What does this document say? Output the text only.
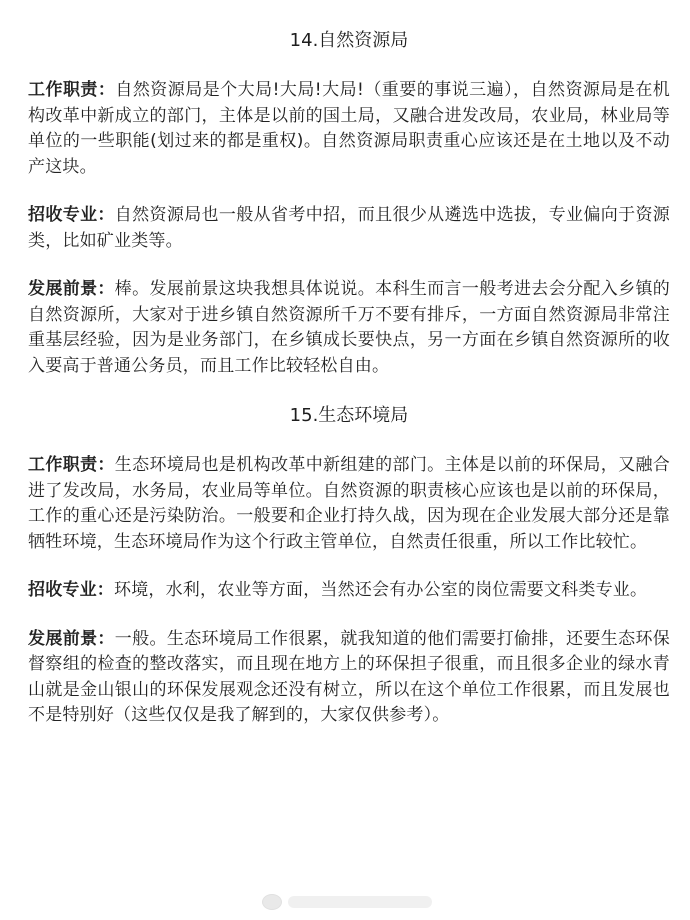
14.自然资源局

工作职责：自然资源局是个大局!大局!大局!（重要的事说三遍），自然资源局是在机构改革中新成立的部门，主体是以前的国土局，又融合进发改局，农业局，林业局等单位的一些职能(划过来的都是重权)。自然资源局职责重心应该还是在土地以及不动产这块。

招收专业：自然资源局也一般从省考中招，而且很少从遴选中选拔，专业偏向于资源类，比如矿业类等。

发展前景：棒。发展前景这块我想具体说说。本科生而言一般考进去会分配入乡镇的自然资源所，大家对于进乡镇自然资源所千万不要有排斥，一方面自然资源局非常注重基层经验，因为是业务部门，在乡镇成长要快点，另一方面在乡镇自然资源所的收入要高于普通公务员，而且工作比较轻松自由。

15.生态环境局

工作职责：生态环境局也是机构改革中新组建的部门。主体是以前的环保局，又融合进了发改局，水务局，农业局等单位。自然资源的职责核心应该也是以前的环保局，工作的重心还是污染防治。一般要和企业打持久战，因为现在企业发展大部分还是靠牺牲环境，生态环境局作为这个行政主管单位，自然责任很重，所以工作比较忙。

招收专业：环境，水利，农业等方面，当然还会有办公室的岗位需要文科类专业。

发展前景：一般。生态环境局工作很累，就我知道的他们需要打偷排，还要生态环保督察组的检查的整改落实，而且现在地方上的环保担子很重，而且很多企业的绿水青山就是金山银山的环保发展观念还没有树立，所以在这个单位工作很累，而且发展也不是特别好（这些仅仅是我了解到的，大家仅供参考）。
